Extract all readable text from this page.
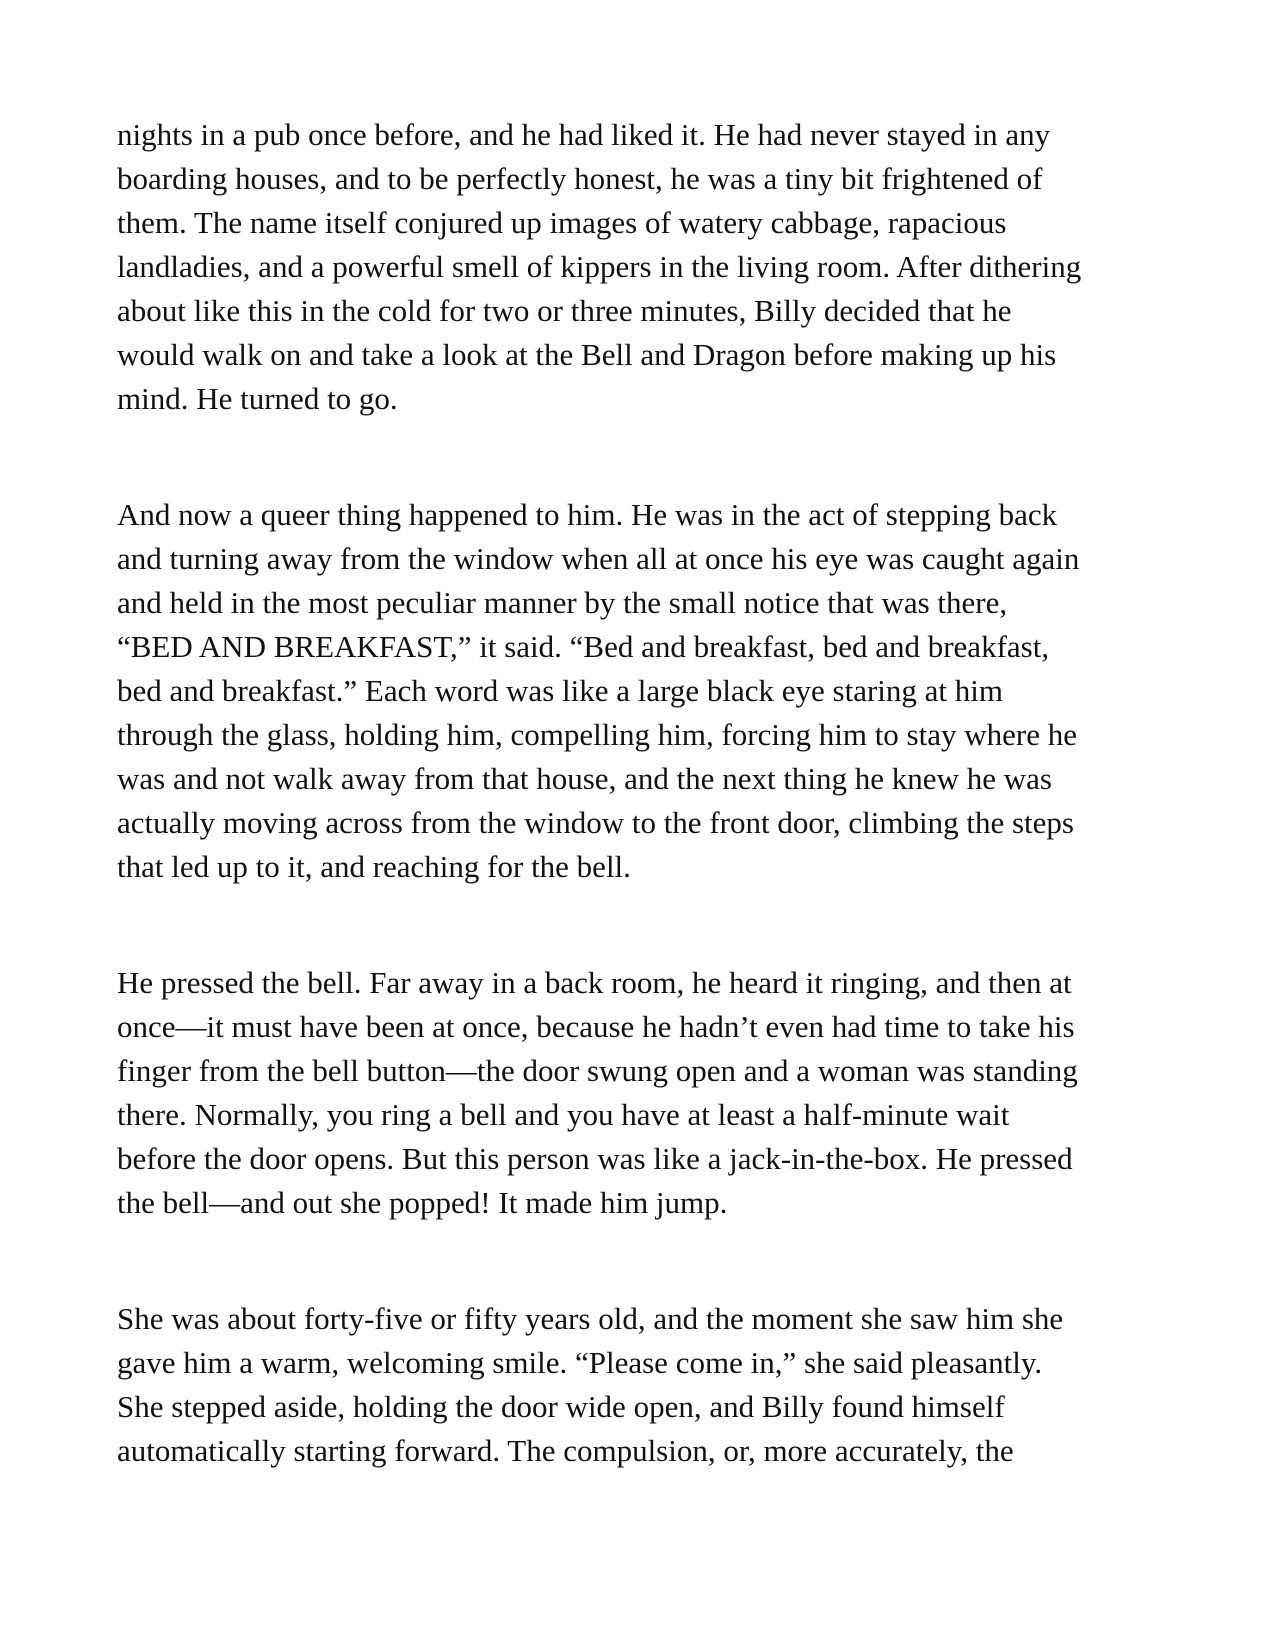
nights in a pub once before, and he had liked it. He had never stayed in any
boarding houses, and to be perfectly honest, he was a tiny bit frightened of
them. The name itself conjured up images of watery cabbage, rapacious
landladies, and a powerful smell of kippers in the living room. After dithering
about like this in the cold for two or three minutes, Billy decided that he
would walk on and take a look at the Bell and Dragon before making up his
mind. He turned to go.
And now a queer thing happened to him. He was in the act of stepping back
and turning away from the window when all at once his eye was caught again
and held in the most peculiar manner by the small notice that was there,
“BED AND BREAKFAST,” it said. “Bed and breakfast, bed and breakfast,
bed and breakfast.” Each word was like a large black eye staring at him
through the glass, holding him, compelling him, forcing him to stay where he
was and not walk away from that house, and the next thing he knew he was
actually moving across from the window to the front door, climbing the steps
that led up to it, and reaching for the bell.
He pressed the bell. Far away in a back room, he heard it ringing, and then at
once—it must have been at once, because he hadn’t even had time to take his
finger from the bell button—the door swung open and a woman was standing
there. Normally, you ring a bell and you have at least a half-minute wait
before the door opens. But this person was like a jack-in-the-box. He pressed
the bell—and out she popped! It made him jump.
She was about forty-five or fifty years old, and the moment she saw him she
gave him a warm, welcoming smile. “Please come in,” she said pleasantly.
She stepped aside, holding the door wide open, and Billy found himself
automatically starting forward. The compulsion, or, more accurately, the
